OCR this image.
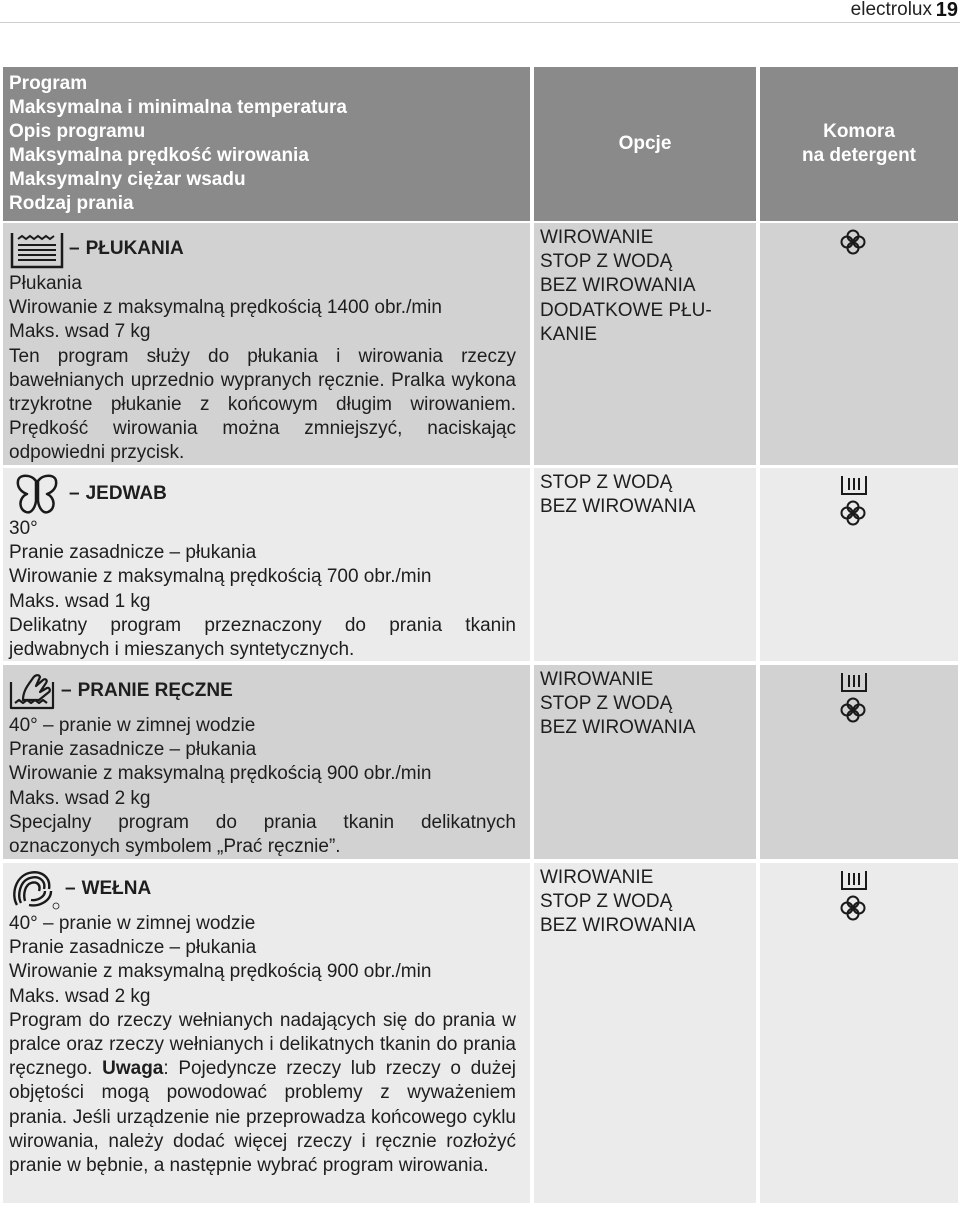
electrolux 19
Program
Maksymalna i minimalna temperatura
Opis programu
Maksymalna prędkość wirowania
Maksymalny ciężar wsadu
Rodzaj prania
Opcje
Komora
na detergent
– PŁUKANIA
Płukania
Wirowanie z maksymalną prędkością 1400 obr./min
Maks. wsad 7 kg
Ten program służy do płukania i wirowania rzeczy bawełnianych uprzednio wypranych ręcznie. Pralka wykona trzykrotne płukanie z końcowym długim wirowaniem. Prędkość wirowania można zmniejszyć, naciskając odpowiedni przycisk.
WIROWANIE
STOP Z WODĄ
BEZ WIROWANIA
DODATKOWE PŁU-
KANIE
– JEDWAB
30°
Pranie zasadnicze – płukania
Wirowanie z maksymalną prędkością 700 obr./min
Maks. wsad 1 kg
Delikatny program przeznaczony do prania tkanin jedwabnych i mieszanych syntetycznych.
STOP Z WODĄ
BEZ WIROWANIA
– PRANIE RĘCZNE
40° – pranie w zimnej wodzie
Pranie zasadnicze – płukania
Wirowanie z maksymalną prędkością 900 obr./min
Maks. wsad 2 kg
Specjalny program do prania tkanin delikatnych oznaczonych symbolem „Prać ręcznie”.
WIROWANIE
STOP Z WODĄ
BEZ WIROWANIA
– WEŁNA
40° – pranie w zimnej wodzie
Pranie zasadnicze – płukania
Wirowanie z maksymalną prędkością 900 obr./min
Maks. wsad 2 kg
Program do rzeczy wełnianych nadających się do prania w pralce oraz rzeczy wełnianych i delikatnych tkanin do prania ręcznego. Uwaga: Pojedyncze rzeczy lub rzeczy o dużej objętości mogą powodować problemy z wyważeniem prania. Jeśli urządzenie nie przeprowadza końcowego cyklu wirowania, należy dodać więcej rzeczy i ręcznie rozłożyć pranie w bębnie, a następnie wybrać program wirowania.
WIROWANIE
STOP Z WODĄ
BEZ WIROWANIA
